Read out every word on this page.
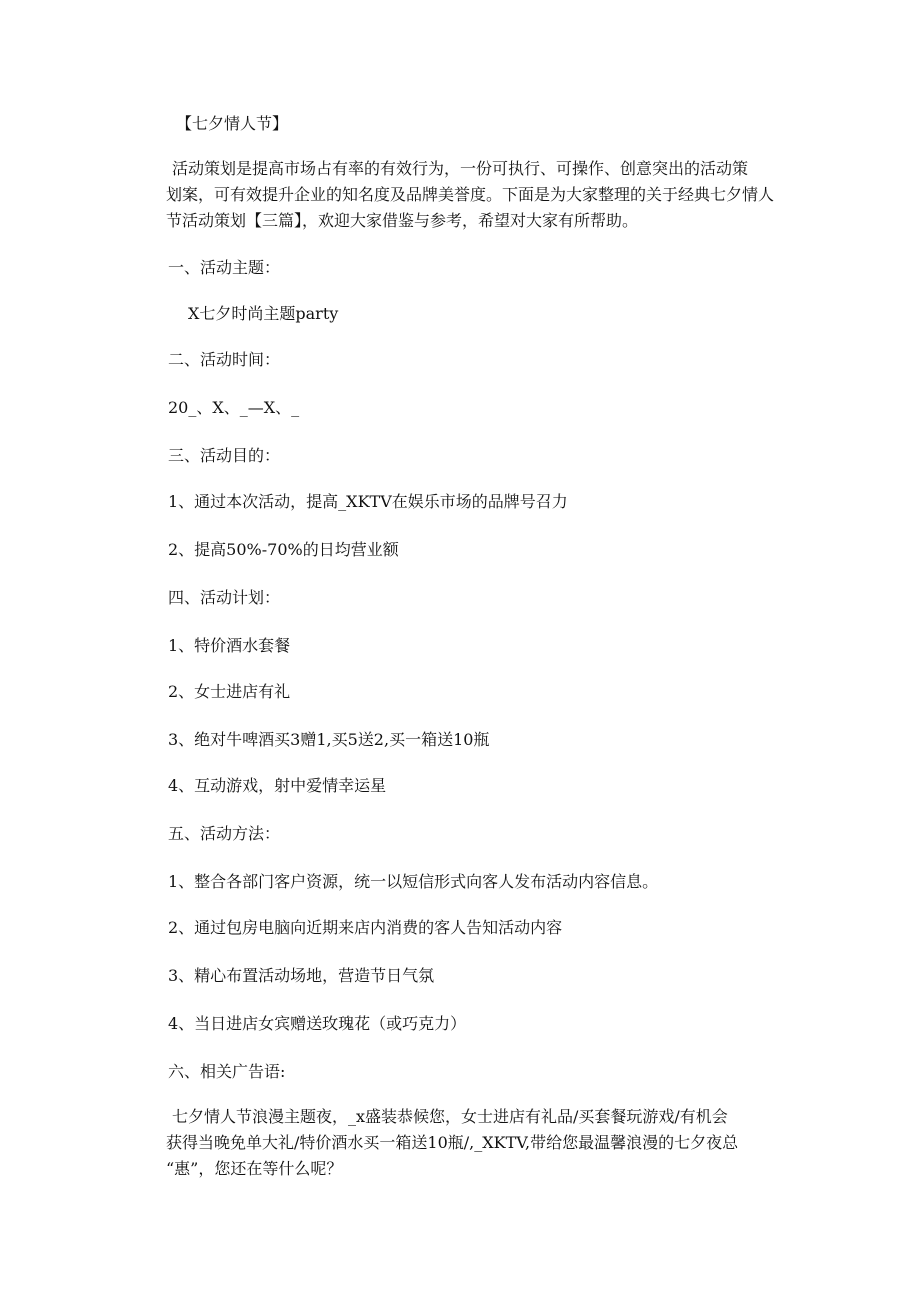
【七夕情人节】
活动策划是提高市场占有率的有效行为，一份可执行、可操作、创意突出的活动策
划案，可有效提升企业的知名度及品牌美誉度。下面是为大家整理的关于经典七夕情人
节活动策划【三篇】，欢迎大家借鉴与参考，希望对大家有所帮助。
一、活动主题：
X七夕时尚主题party
二、活动时间：
20_、X、_—X、_
三、活动目的：
1、通过本次活动，提高_XKTV在娱乐市场的品牌号召力
2、提高50%-70%的日均营业额
四、活动计划：
1、特价酒水套餐
2、女士进店有礼
3、绝对牛啤酒买3赠1,买5送2,买一箱送10瓶
4、互动游戏，射中爱情幸运星
五、活动方法：
1、整合各部门客户资源，统一以短信形式向客人发布活动内容信息。
2、通过包房电脑向近期来店内消费的客人告知活动内容
3、精心布置活动场地，营造节日气氛
4、当日进店女宾赠送玫瑰花（或巧克力）
六、相关广告语:
七夕情人节浪漫主题夜，_x盛装恭候您，女士进店有礼品/买套餐玩游戏/有机会
获得当晚免单大礼/特价酒水买一箱送10瓶/,_XKTV,带给您最温馨浪漫的七夕夜总
“惠”，您还在等什么呢？
